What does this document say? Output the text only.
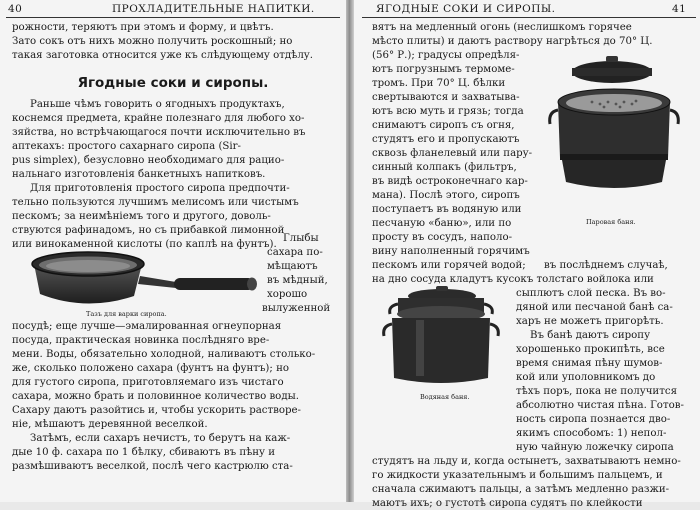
40	ПРОХЛАДИТЕЛЬНЫЕ НАПИТКИ.
рожности, теряютъ при этомъ и форму, и цвѣтъ.
Зато сокъ отъ нихъ можно получить роскошный; но
такая заготовка относится уже къ слѣдующему отдѣлу.
Ягодные соки и сиропы.
Раньше чѣмъ говорить о ягодныхъ продуктахъ,
коснемся предмета, крайне полезнаго для любого хо-
зяйства, но встрѣчающагося почти исключительно въ
аптекахъ: простого сахарнаго сиропа (Sir-
pus simplex), безусловно необходимаго для рацио-
нальнаго изготовленія банкетныхъ напитковъ.
Для приготовленія простого сиропа предпочти-
тельно пользуются лучшимъ мелисомъ или чистымъ
пескомъ; за неимѣніемъ того и другого, доволь-
ствуются рафинадомъ, но съ прибавкой лимонной
или винокаменной кислоты (по каплѣ на фунтъ).
Тазъ для варки сиропа.
Глыбы
сахара по-
мѣщаютъ
въ мѣдный,
хорошо
вылуженной
посудѣ; еще лучше—эмалированная огнеупорная
посуда, практическая новинка послѣдняго вре-
мени. Воды, обязательно холодной, наливаютъ столько-
же, сколько положено сахара (фунтъ на фунтъ); но
для густого сиропа, приготовляемаго изъ чистаго
сахара, можно брать и половинное количество воды.
Сахару даютъ разойтись и, чтобы ускорить растворе-
ніе, мѣшаютъ деревянной веселкой.
Затѣмъ, если сахаръ нечистъ, то берутъ на каж-
дые 10 ф. сахара по 1 бѣлку, сбиваютъ въ пѣну и
размѣшиваютъ веселкой, послѣ чего кастрюлю ста-
ЯГОДНЫЕ СОКИ И СИРОПЫ.	41
вятъ на медленный огонь (неслишкомъ горячее
мѣсто плиты) и даютъ раствору нагрѣться до 70° Ц.
(56° Р.); градусы опредѣля-
ютъ погрузнымъ термоме-
тромъ. При 70° Ц. бѣлки
свертываются и захватыва-
ютъ всю муть и грязь; тогда
снимаютъ сиропъ съ огня,
студятъ его и пропускаютъ
сквозь фланелевый или пару-
синный колпакъ (фильтръ,
въ видѣ остроконечнаго кар-
мана). Послѣ этого, сиропъ
поступаетъ въ водяную или
песчаную «баню», или по
просту въ сосудъ, наполо-
вину наполненный горячимъ
пескомъ или горячей водой; въ послѣднемъ случаѣ,
на дно сосуда кладутъ кусокъ толстаго войлока или
Паровая баня.
Водяная баня.
сыплютъ слой песка. Въ во-
дяной или песчаной банѣ са-
харъ не можетъ пригорѣть.
Въ банѣ даютъ сиропу
хорошенько прокипѣть, все
время снимая пѣну шумов-
кой или уполовникомъ до
тѣхъ поръ, пока не получится
абсолютно чистая пѣна. Готов-
ность сиропа познается дво-
якимъ способомъ: 1) непол-
ную чайную ложечку сиропа
студятъ на льду и, когда остынетъ, захватываютъ немно-
го жидкости указательнымъ и большимъ пальцемъ, и
сначала сжимаютъ пальцы, а затѣмъ медленно разжи-
маютъ ихъ; о густотѣ сиропа судятъ по клейкости
